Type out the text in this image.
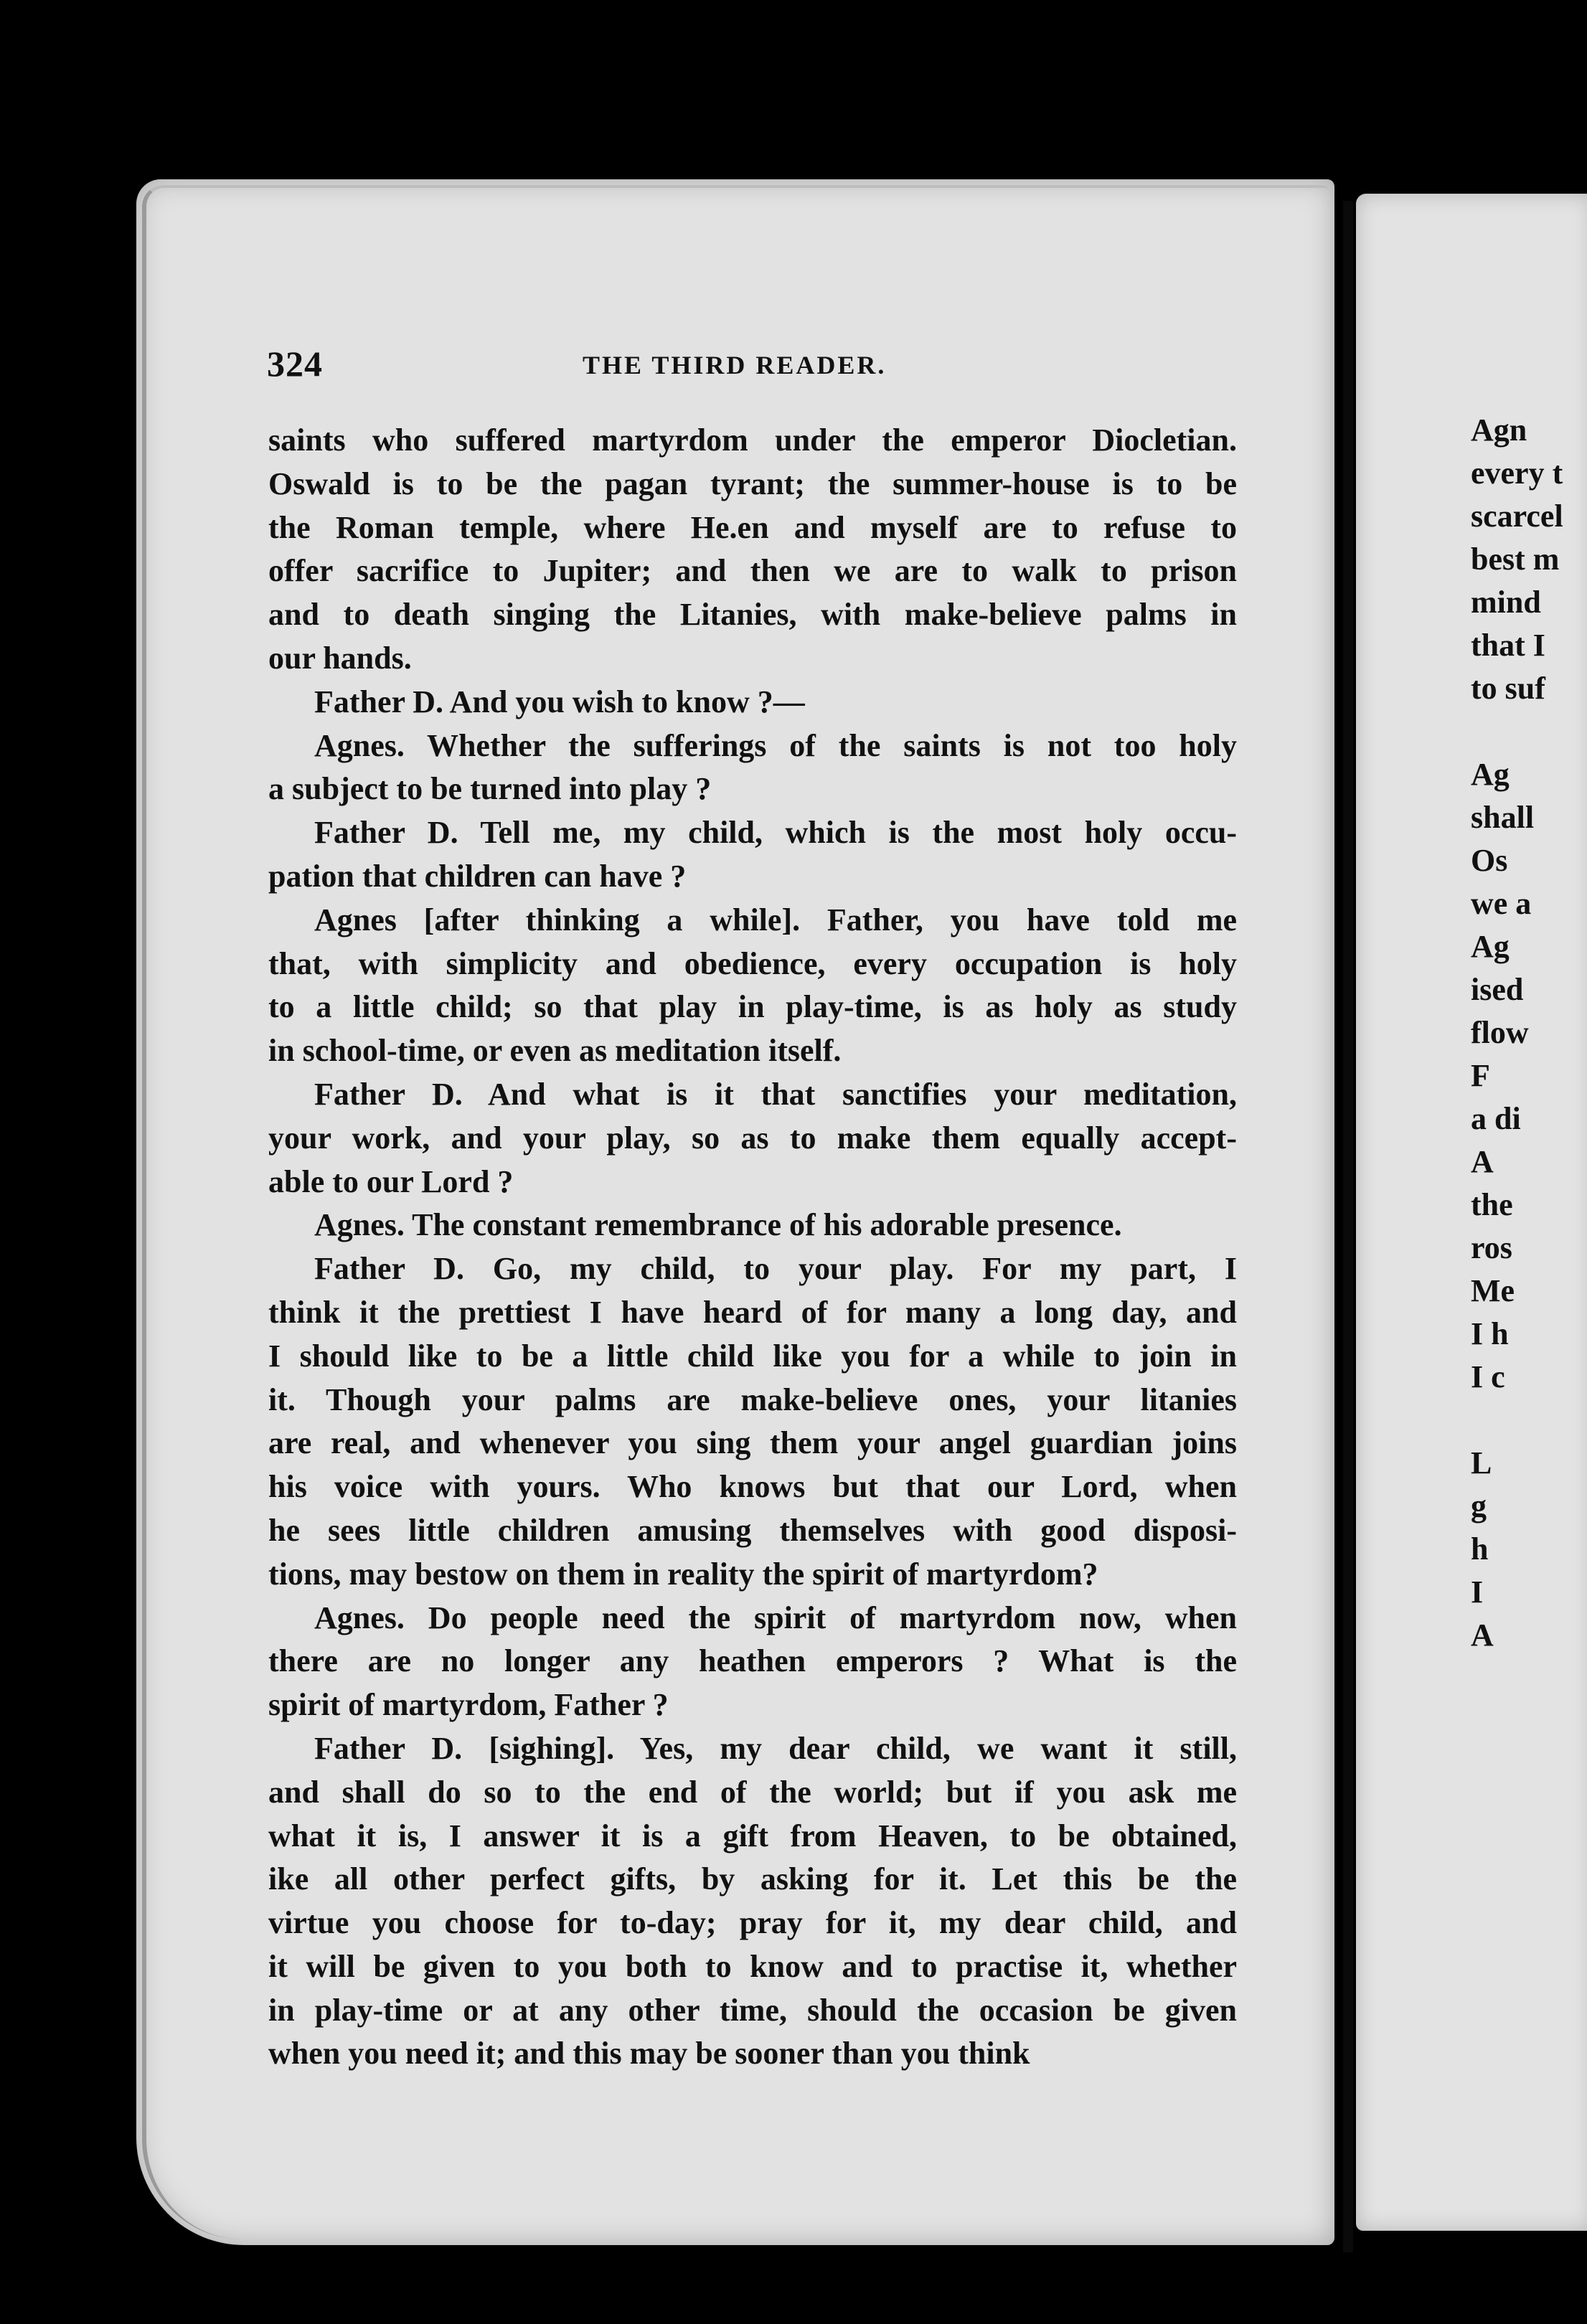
324	THE THIRD READER.
saints who suffered martyrdom under the emperor Diocletian.
Oswald is to be the pagan tyrant; the summer-house is to be
the Roman temple, where He.en and myself are to refuse to
offer sacrifice to Jupiter; and then we are to walk to prison
and to death singing the Litanies, with make-believe palms in
our hands.
Father D. And you wish to know ?—
Agnes. Whether the sufferings of the saints is not too holy
a subject to be turned into play ?
Father D. Tell me, my child, which is the most holy occu-
pation that children can have ?
Agnes [after thinking a while]. Father, you have told me
that, with simplicity and obedience, every occupation is holy
to a little child; so that play in play-time, is as holy as study
in school-time, or even as meditation itself.
Father D. And what is it that sanctifies your meditation,
your work, and your play, so as to make them equally accept-
able to our Lord ?
Agnes. The constant remembrance of his adorable presence.
Father D. Go, my child, to your play. For my part, I
think it the prettiest I have heard of for many a long day, and
I should like to be a little child like you for a while to join in
it. Though your palms are make-believe ones, your litanies
are real, and whenever you sing them your angel guardian joins
his voice with yours. Who knows but that our Lord, when
he sees little children amusing themselves with good disposi-
tions, may bestow on them in reality the spirit of martyrdom?
Agnes. Do people need the spirit of martyrdom now, when
there are no longer any heathen emperors ? What is the
spirit of martyrdom, Father ?
Father D. [sighing]. Yes, my dear child, we want it still,
and shall do so to the end of the world; but if you ask me
what it is, I answer it is a gift from Heaven, to be obtained,
ike all other perfect gifts, by asking for it. Let this be the
virtue you choose for to-day; pray for it, my dear child, and
it will be given to you both to know and to practise it, whether
in play-time or at any other time, should the occasion be given
when you need it; and this may be sooner than you think
Agn
every t
scarcel
best m
mind
that I
to suf
Ag
shall
Os
we a
Ag
ised
flow
F
a di
A
the
ros
Me
I h
I c
L
g
h
I
A
